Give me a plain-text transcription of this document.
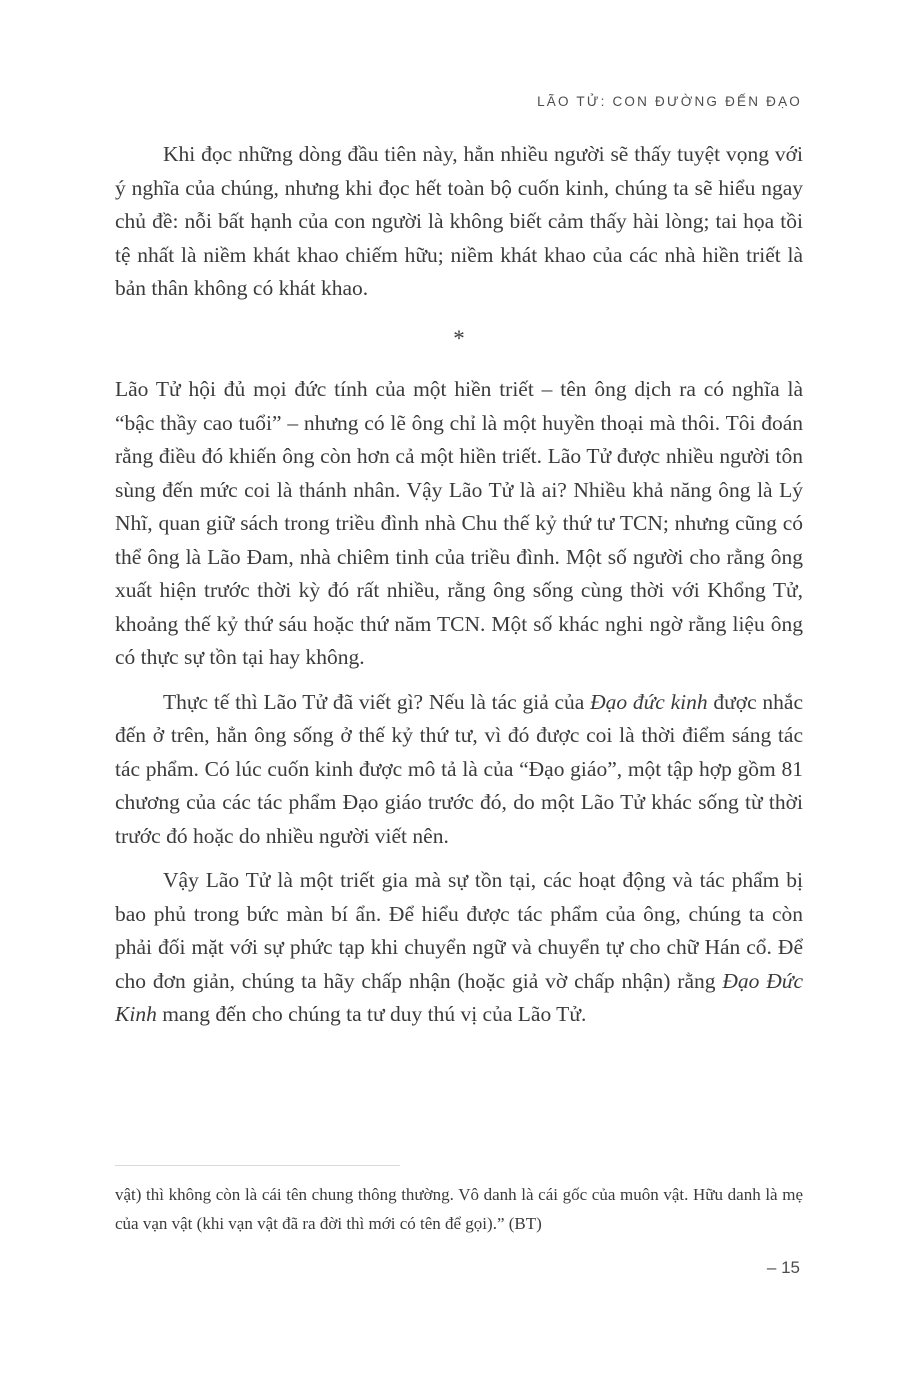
LÃO TỬ: CON ĐƯỜNG ĐẾN ĐẠO

Khi đọc những dòng đầu tiên này, hẳn nhiều người sẽ thấy tuyệt vọng với ý nghĩa của chúng, nhưng khi đọc hết toàn bộ cuốn kinh, chúng ta sẽ hiểu ngay chủ đề: nỗi bất hạnh của con người là không biết cảm thấy hài lòng; tai họa tồi tệ nhất là niềm khát khao chiếm hữu; niềm khát khao của các nhà hiền triết là bản thân không có khát khao.

*

Lão Tử hội đủ mọi đức tính của một hiền triết – tên ông dịch ra có nghĩa là “bậc thầy cao tuổi” – nhưng có lẽ ông chỉ là một huyền thoại mà thôi. Tôi đoán rằng điều đó khiến ông còn hơn cả một hiền triết. Lão Tử được nhiều người tôn sùng đến mức coi là thánh nhân. Vậy Lão Tử là ai? Nhiều khả năng ông là Lý Nhĩ, quan giữ sách trong triều đình nhà Chu thế kỷ thứ tư TCN; nhưng cũng có thể ông là Lão Đam, nhà chiêm tinh của triều đình. Một số người cho rằng ông xuất hiện trước thời kỳ đó rất nhiều, rằng ông sống cùng thời với Khổng Tử, khoảng thế kỷ thứ sáu hoặc thứ năm TCN. Một số khác nghi ngờ rằng liệu ông có thực sự tồn tại hay không.

Thực tế thì Lão Tử đã viết gì? Nếu là tác giả của Đạo đức kinh được nhắc đến ở trên, hẳn ông sống ở thế kỷ thứ tư, vì đó được coi là thời điểm sáng tác tác phẩm. Có lúc cuốn kinh được mô tả là của “Đạo giáo”, một tập hợp gồm 81 chương của các tác phẩm Đạo giáo trước đó, do một Lão Tử khác sống từ thời trước đó hoặc do nhiều người viết nên.

Vậy Lão Tử là một triết gia mà sự tồn tại, các hoạt động và tác phẩm bị bao phủ trong bức màn bí ẩn. Để hiểu được tác phẩm của ông, chúng ta còn phải đối mặt với sự phức tạp khi chuyển ngữ và chuyển tự cho chữ Hán cổ. Để cho đơn giản, chúng ta hãy chấp nhận (hoặc giả vờ chấp nhận) rằng Đạo Đức Kinh mang đến cho chúng ta tư duy thú vị của Lão Tử.

vật) thì không còn là cái tên chung thông thường. Vô danh là cái gốc của muôn vật. Hữu danh là mẹ của vạn vật (khi vạn vật đã ra đời thì mới có tên để gọi).” (BT)
– 15
